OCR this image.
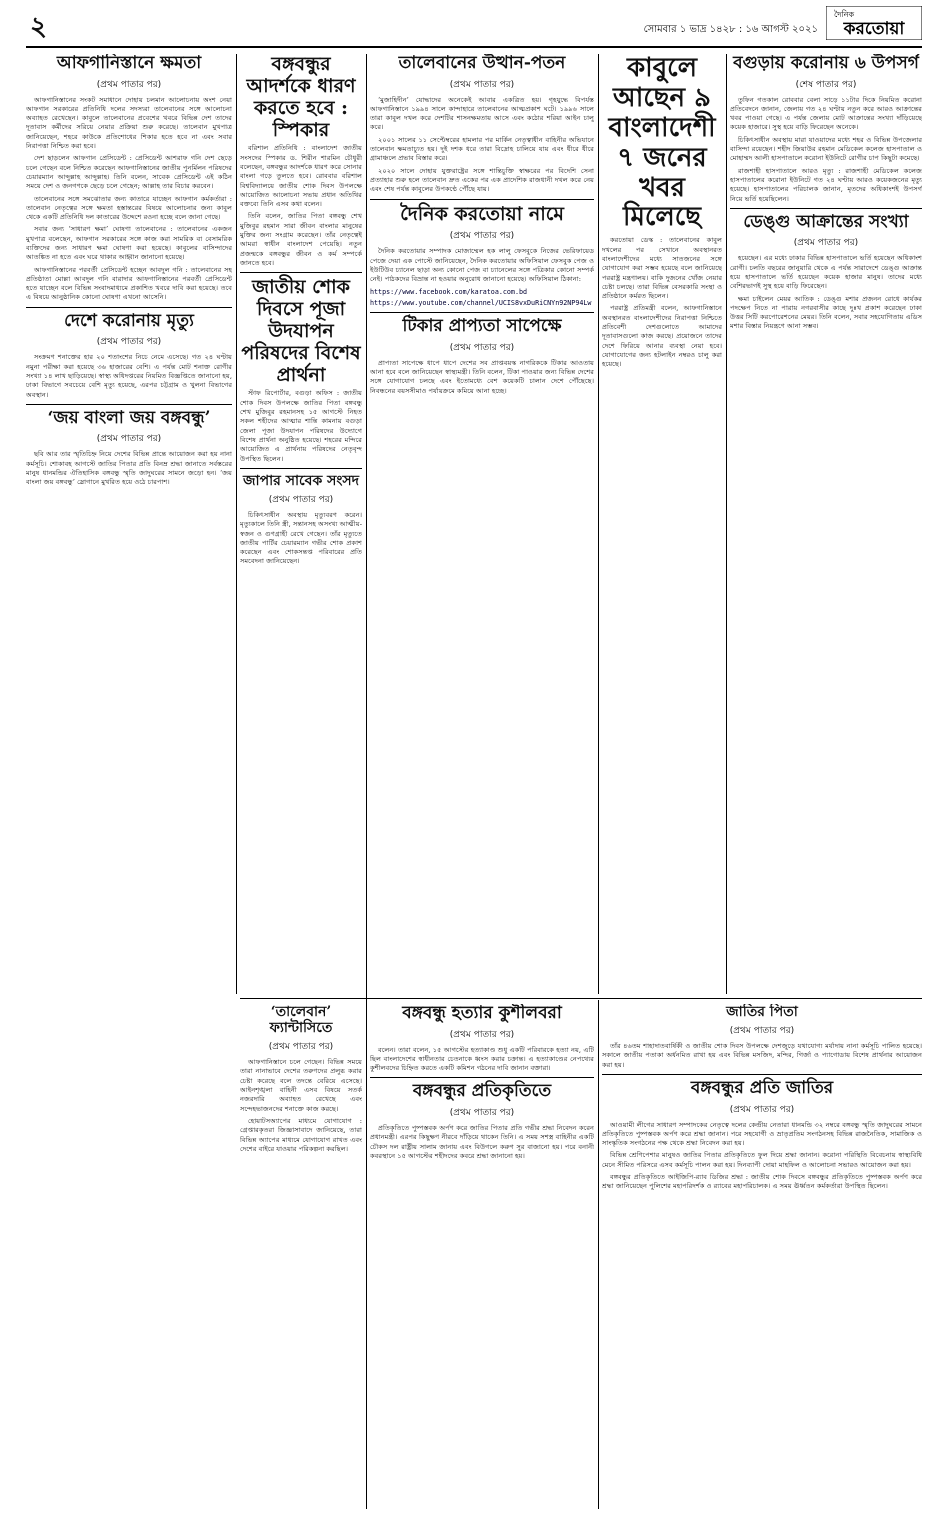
২	সোমবার ১ ভাদ্র ১৪২৮ : ১৬ আগস্ট ২০২১
দৈনিক
করতোয়া
আফগানিস্তানে ক্ষমতা
(প্রথম পাতার পর)

আফগানিস্তানের সংকট সমাধানে দোহায় চলমান আলোচনায় অংশ নেয়া আফগান সরকারের প্রতিনিধি দলের সদস্যরা তালেবানের সঙ্গে আলোচনা অব্যাহত রেখেছেন। কাবুলে তালেবানের প্রবেশের খবরে বিভিন্ন দেশ তাদের দূতাবাস কর্মীদের সরিয়ে নেয়ার প্রক্রিয়া শুরু করেছে। তালেবান মুখপাত্র জানিয়েছেন, শহরে কাউকে প্রতিশোধের শিকার হতে হবে না এবং সবার নিরাপত্তা নিশ্চিত করা হবে।

দেশ ছাড়লেন আফগান প্রেসিডেন্ট : প্রেসিডেন্ট আশরাফ গনি দেশ ছেড়ে চলে গেছেন বলে নিশ্চিত করেছেন আফগানিস্তানের জাতীয় পুনর্মিলন পরিষদের চেয়ারম্যান আব্দুল্লাহ আব্দুল্লাহ। তিনি বলেন, সাবেক প্রেসিডেন্ট এই কঠিন সময়ে দেশ ও জনগণকে ছেড়ে চলে গেছেন; আল্লাহ তার বিচার করবেন।

তালেবানের সঙ্গে সমঝোতার জন্য কাতারে যাচ্ছেন আফগান কর্মকর্তারা : তালেবান নেতৃত্বের সঙ্গে ক্ষমতা হস্তান্তরের বিষয়ে আলোচনার জন্য কাবুল থেকে একটি প্রতিনিধি দল কাতারের উদ্দেশে রওনা হচ্ছে বলে জানা গেছে।

সবার জন্য ‘সাধারণ ক্ষমা’ ঘোষণা তালেবানের : তালেবানের একজন মুখপাত্র বলেছেন, আফগান সরকারের সঙ্গে কাজ করা সামরিক বা বেসামরিক ব্যক্তিদের জন্য সাধারণ ক্ষমা ঘোষণা করা হয়েছে। কাবুলের বাসিন্দাদের আতঙ্কিত না হতে এবং ঘরে থাকার আহ্বান জানানো হয়েছে।

আফগানিস্তানের পরবর্তী প্রেসিডেন্ট হচ্ছেন আবদুল গনি : তালেবানের সহ প্রতিষ্ঠাতা মোল্লা আবদুল গনি বারাদার আফগানিস্তানের পরবর্তী প্রেসিডেন্ট হতে যাচ্ছেন বলে বিভিন্ন সংবাদমাধ্যমে প্রকাশিত খবরে দাবি করা হয়েছে। তবে এ বিষয়ে আনুষ্ঠানিক কোনো ঘোষণা এখনো আসেনি।

দেশে করোনায় মৃত্যু
(প্রথম পাতার পর)

সংক্রমণ শনাক্তের হার ২০ শতাংশের নিচে নেমে এসেছে। গত ২৪ ঘণ্টায় নমুনা পরীক্ষা করা হয়েছে ৩৬ হাজারের বেশি। এ পর্যন্ত মোট শনাক্ত রোগীর সংখ্যা ১৪ লাখ ছাড়িয়েছে। স্বাস্থ্য অধিদপ্তরের নিয়মিত বিজ্ঞপ্তিতে জানানো হয়, ঢাকা বিভাগে সবচেয়ে বেশি মৃত্যু হয়েছে, এরপর চট্টগ্রাম ও খুলনা বিভাগের অবস্থান।

‘জয় বাংলা জয় বঙ্গবন্ধু’
(প্রথম পাতার পর)

ছবি আর তার স্মৃতিচিহ্ন নিয়ে দেশের বিভিন্ন প্রান্তে আয়োজন করা হয় নানা কর্মসূচি। শোকাবহ আগস্টে জাতির পিতার প্রতি বিনম্র শ্রদ্ধা জানাতে সর্বস্তরের মানুষ ধানমন্ডির ঐতিহাসিক বঙ্গবন্ধু স্মৃতি জাদুঘরের সামনে জড়ো হন। ‘জয় বাংলা জয় বঙ্গবন্ধু’ স্লোগানে মুখরিত হয়ে ওঠে চারপাশ।

বঙ্গবন্ধুর আদর্শকে ধারণ করতে হবে : স্পিকার

বরিশাল প্রতিনিধি : বাংলাদেশ জাতীয় সংসদের স্পিকার ড. শিরীন শারমিন চৌধুরী বলেছেন, বঙ্গবন্ধুর আদর্শকে ধারণ করে সোনার বাংলা গড়ে তুলতে হবে। রোববার বরিশাল বিশ্ববিদ্যালয়ে জাতীয় শোক দিবস উপলক্ষে আয়োজিত আলোচনা সভায় প্রধান অতিথির বক্তব্যে তিনি এসব কথা বলেন।

তিনি বলেন, জাতির পিতা বঙ্গবন্ধু শেখ মুজিবুর রহমান সারা জীবন বাংলার মানুষের মুক্তির জন্য সংগ্রাম করেছেন। তাঁর নেতৃত্বেই আমরা স্বাধীন বাংলাদেশ পেয়েছি। নতুন প্রজন্মকে বঙ্গবন্ধুর জীবন ও কর্ম সম্পর্কে জানতে হবে।

জাতীয় শোক দিবসে পূজা উদযাপন পরিষদের বিশেষ প্রার্থনা

স্টাফ রিপোর্টার, বগুড়া অফিস : জাতীয় শোক দিবস উপলক্ষে জাতির পিতা বঙ্গবন্ধু শেখ মুজিবুর রহমানসহ ১৫ আগস্টে নিহত সকল শহীদের আত্মার শান্তি কামনায় বগুড়া জেলা পূজা উদযাপন পরিষদের উদ্যোগে বিশেষ প্রার্থনা অনুষ্ঠিত হয়েছে। শহরের মন্দিরে আয়োজিত এ প্রার্থনায় পরিষদের নেতৃবৃন্দ উপস্থিত ছিলেন।

জাপার সাবেক সংসদ
(প্রথম পাতার পর)

চিকিৎসাধীন অবস্থায় মৃত্যুবরণ করেন। মৃত্যুকালে তিনি স্ত্রী, সন্তানসহ অসংখ্য আত্মীয়-স্বজন ও গুণগ্রাহী রেখে গেছেন। তাঁর মৃত্যুতে জাতীয় পার্টির চেয়ারম্যান গভীর শোক প্রকাশ করেছেন এবং শোকসন্তপ্ত পরিবারের প্রতি সমবেদনা জানিয়েছেন।

তালেবানের উত্থান-পতন
(প্রথম পাতার পর)

‘মুজাহিদীন’ যোদ্ধাদের অনেকেই আবার একত্রিত হয়। গৃহযুদ্ধে বিপর্যস্ত আফগানিস্তানে ১৯৯৪ সালে কান্দাহারে তালেবানের আত্মপ্রকাশ ঘটে। ১৯৯৬ সালে তারা কাবুল দখল করে দেশটির শাসনক্ষমতায় আসে এবং কঠোর শরিয়া আইন চালু করে।

২০০১ সালের ১১ সেপ্টেম্বরের হামলার পর মার্কিন নেতৃত্বাধীন বাহিনীর অভিযানে তালেবান ক্ষমতাচ্যুত হয়। দুই দশক ধরে তারা বিদ্রোহ চালিয়ে যায় এবং ধীরে ধীরে গ্রামাঞ্চলে প্রভাব বিস্তার করে।

২০২০ সালে দোহায় যুক্তরাষ্ট্রের সঙ্গে শান্তিচুক্তি স্বাক্ষরের পর বিদেশি সেনা প্রত্যাহার শুরু হলে তালেবান দ্রুত একের পর এক প্রাদেশিক রাজধানী দখল করে নেয় এবং শেষ পর্যন্ত কাবুলের উপকণ্ঠে পৌঁছে যায়।

দৈনিক করতোয়া নামে
(প্রথম পাতার পর)

দৈনিক করতোয়ার সম্পাদক মোজাম্মেল হক লালু ফেসবুকে নিজের ভেরিফায়েড পেজে দেয়া এক পোস্টে জানিয়েছেন, দৈনিক করতোয়ার অফিসিয়াল ফেসবুক পেজ ও ইউটিউব চ্যানেল ছাড়া অন্য কোনো পেজ বা চ্যানেলের সঙ্গে পত্রিকার কোনো সম্পর্ক নেই। পাঠকদের বিভ্রান্ত না হওয়ার অনুরোধ জানানো হয়েছে। অফিসিয়াল ঠিকানা:

https://www.facebook.com/karatoa.com.bd
https://www.youtube.com/channel/UCIS8vxDuRiCNYn92NP94Lw
টিকার প্রাপ্যতা সাপেক্ষে
(প্রথম পাতার পর)

প্রাপ্যতা সাপেক্ষে ধাপে ধাপে দেশের সব প্রাপ্তবয়স্ক নাগরিককে টিকার আওতায় আনা হবে বলে জানিয়েছেন স্বাস্থ্যমন্ত্রী। তিনি বলেন, টিকা পাওয়ার জন্য বিভিন্ন দেশের সঙ্গে যোগাযোগ চলছে এবং ইতোমধ্যে বেশ কয়েকটি চালান দেশে পৌঁছেছে। নিবন্ধনের বয়সসীমাও পর্যায়ক্রমে কমিয়ে আনা হচ্ছে।

কাবুলে আছেন ৯ বাংলাদেশী ৭ জনের খবর মিলেছে

করতোয়া ডেস্ক : তালেবানের কাবুল দখলের পর সেখানে অবস্থানরত বাংলাদেশীদের মধ্যে সাতজনের সঙ্গে যোগাযোগ করা সম্ভব হয়েছে বলে জানিয়েছে পররাষ্ট্র মন্ত্রণালয়। বাকি দুজনের খোঁজ নেয়ার চেষ্টা চলছে। তারা বিভিন্ন বেসরকারি সংস্থা ও প্রতিষ্ঠানে কর্মরত ছিলেন।

পররাষ্ট্র প্রতিমন্ত্রী বলেন, আফগানিস্তানে অবস্থানরত বাংলাদেশীদের নিরাপত্তা নিশ্চিতে প্রতিবেশী দেশগুলোতে আমাদের দূতাবাসগুলো কাজ করছে। প্রয়োজনে তাদের দেশে ফিরিয়ে আনার ব্যবস্থা নেয়া হবে। যোগাযোগের জন্য হটলাইন নম্বরও চালু করা হয়েছে।

বগুড়ায় করোনায় ৬ উপসর্গ
(শেষ পাতার পর)

তুফিন গতকাল রোববার বেলা সাড়ে ১১টার দিকে নিয়মিত করোনা প্রতিবেদনে জানান, জেলায় গত ২৪ ঘণ্টায় নতুন করে আরও আক্রান্তের খবর পাওয়া গেছে। এ পর্যন্ত জেলায় মোট আক্রান্তের সংখ্যা দাঁড়িয়েছে কয়েক হাজারে। সুস্থ হয়ে বাড়ি ফিরেছেন অনেকে।

চিকিৎসাধীন অবস্থায় মারা যাওয়াদের মধ্যে শহর ও বিভিন্ন উপজেলার বাসিন্দা রয়েছেন। শহীদ জিয়াউর রহমান মেডিকেল কলেজ হাসপাতাল ও মোহাম্মদ আলী হাসপাতালে করোনা ইউনিটে রোগীর চাপ কিছুটা কমেছে।

রাজশাহী হাসপাতালে আরও মৃত্যু : রাজশাহী মেডিকেল কলেজ হাসপাতালের করোনা ইউনিটে গত ২৪ ঘণ্টায় আরও কয়েকজনের মৃত্যু হয়েছে। হাসপাতালের পরিচালক জানান, মৃতদের অধিকাংশই উপসর্গ নিয়ে ভর্তি হয়েছিলেন।

ডেঙ্গু আক্রান্তের সংখ্যা
(প্রথম পাতার পর)

হয়েছেন। এর মধ্যে ঢাকার বিভিন্ন হাসপাতালে ভর্তি হয়েছেন অধিকাংশ রোগী। চলতি বছরের জানুয়ারি থেকে এ পর্যন্ত সারাদেশে ডেঙ্গু আক্রান্ত হয়ে হাসপাতালে ভর্তি হয়েছেন কয়েক হাজার মানুষ। তাদের মধ্যে বেশিরভাগই সুস্থ হয়ে বাড়ি ফিরেছেন।

ক্ষমা চাইলেন মেয়র আতিক : ডেঙ্গু মশার প্রজনন রোধে কার্যকর পদক্ষেপ নিতে না পারায় নগরবাসীর কাছে দুঃখ প্রকাশ করেছেন ঢাকা উত্তর সিটি করপোরেশনের মেয়র। তিনি বলেন, সবার সহযোগিতায় এডিস মশার বিস্তার নিয়ন্ত্রণে আনা সম্ভব।

বঙ্গবন্ধু হত্যার কুশীলবরা
(প্রথম পাতার পর)

বলেন। তারা বলেন, ১৫ আগস্টের হত্যাকাণ্ড শুধু একটি পরিবারকে হত্যা নয়, এটি ছিল বাংলাদেশের স্বাধীনতার চেতনাকে ধ্বংস করার চক্রান্ত। এ হত্যাকাণ্ডের নেপথ্যের কুশীলবদের চিহ্নিত করতে একটি কমিশন গঠনের দাবি জানান বক্তারা।

বঙ্গবন্ধুর প্রতিকৃতিতে
(প্রথম পাতার পর)

প্রতিকৃতিতে পুষ্পস্তবক অর্পণ করে জাতির পিতার প্রতি গভীর শ্রদ্ধা নিবেদন করেন প্রধানমন্ত্রী। এরপর কিছুক্ষণ নীরবে দাঁড়িয়ে থাকেন তিনি। এ সময় সশস্ত্র বাহিনীর একটি চৌকস দল রাষ্ট্রীয় সালাম জানায় এবং বিউগলে করুণ সুর বাজানো হয়। পরে বনানী কবরস্থানে ১৫ আগস্টের শহীদদের কবরে শ্রদ্ধা জানানো হয়।

‘তালেবান’ ফ্যান্টাসিতে
(প্রথম পাতার পর)

আফগানিস্তানে চলে গেছেন। বিভিন্ন সময়ে তারা নানাভাবে দেশের তরুণদের প্রলুব্ধ করার চেষ্টা করেছে বলে তদন্তে বেরিয়ে এসেছে। আইনশৃঙ্খলা বাহিনী এসব বিষয়ে সতর্ক নজরদারি অব্যাহত রেখেছে এবং সন্দেহভাজনদের শনাক্তে কাজ করছে।

হোয়াটসঅ্যাপের মাধ্যমে যোগাযোগ : গ্রেপ্তারকৃতরা জিজ্ঞাসাবাদে জানিয়েছে, তারা বিভিন্ন অ্যাপের মাধ্যমে যোগাযোগ রাখত এবং দেশের বাইরে যাওয়ার পরিকল্পনা করছিল।

জাতির পিতা
(প্রথম পাতার পর)

তাঁর ৪৬তম শাহাদাতবার্ষিকী ও জাতীয় শোক দিবস উপলক্ষে দেশজুড়ে যথাযোগ্য মর্যাদায় নানা কর্মসূচি পালিত হয়েছে। সকালে জাতীয় পতাকা অর্ধনমিত রাখা হয় এবং বিভিন্ন মসজিদ, মন্দির, গির্জা ও প্যাগোডায় বিশেষ প্রার্থনার আয়োজন করা হয়।

বঙ্গবন্ধুর প্রতি জাতির
(প্রথম পাতার পর)

আওয়ামী লীগের সাধারণ সম্পাদকের নেতৃত্বে দলের কেন্দ্রীয় নেতারা ধানমন্ডি ৩২ নম্বরে বঙ্গবন্ধু স্মৃতি জাদুঘরের সামনে প্রতিকৃতিতে পুষ্পস্তবক অর্পণ করে শ্রদ্ধা জানান। পরে সহযোগী ও ভ্রাতৃপ্রতিম সংগঠনসহ বিভিন্ন রাজনৈতিক, সামাজিক ও সাংস্কৃতিক সংগঠনের পক্ষ থেকে শ্রদ্ধা নিবেদন করা হয়।

বিভিন্ন শ্রেণিপেশার মানুষও জাতির পিতার প্রতিকৃতিতে ফুল দিয়ে শ্রদ্ধা জানান। করোনা পরিস্থিতি বিবেচনায় স্বাস্থ্যবিধি মেনে সীমিত পরিসরে এসব কর্মসূচি পালন করা হয়। দিনব্যাপী দোয়া মাহফিল ও আলোচনা সভারও আয়োজন করা হয়।

বঙ্গবন্ধুর প্রতিকৃতিতে আইজিপি-র‌্যাব ডিজির শ্রদ্ধা : জাতীয় শোক দিবসে বঙ্গবন্ধুর প্রতিকৃতিতে পুষ্পস্তবক অর্পণ করে শ্রদ্ধা জানিয়েছেন পুলিশের মহাপরিদর্শক ও র‌্যাবের মহাপরিচালক। এ সময় ঊর্ধ্বতন কর্মকর্তারা উপস্থিত ছিলেন।
